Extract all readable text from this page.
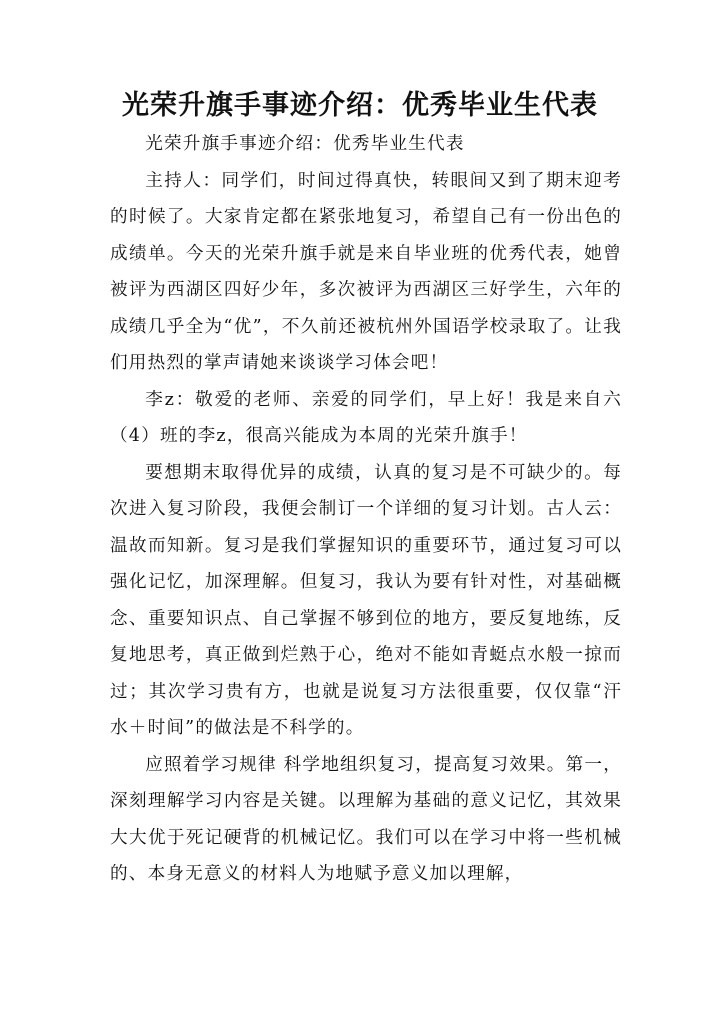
光荣升旗手事迹介绍：优秀毕业生代表

光荣升旗手事迹介绍：优秀毕业生代表

主持人：同学们，时间过得真快，转眼间又到了期末迎考的时候了。大家肯定都在紧张地复习，希望自己有一份出色的成绩单。今天的光荣升旗手就是来自毕业班的优秀代表，她曾被评为西湖区四好少年，多次被评为西湖区三好学生，六年的成绩几乎全为“优”，不久前还被杭州外国语学校录取了。让我们用热烈的掌声请她来谈谈学习体会吧！

李z：敬爱的老师、亲爱的同学们，早上好！我是来自六（4）班的李z，很高兴能成为本周的光荣升旗手！

要想期末取得优异的成绩，认真的复习是不可缺少的。每次进入复习阶段，我便会制订一个详细的复习计划。古人云：温故而知新。复习是我们掌握知识的重要环节，通过复习可以强化记忆，加深理解。但复习，我认为要有针对性，对基础概念、重要知识点、自己掌握不够到位的地方，要反复地练，反复地思考，真正做到烂熟于心，绝对不能如青蜓点水般一掠而过；其次学习贵有方，也就是说复习方法很重要，仅仅靠“汗水＋时间”的做法是不科学的。

应照着学习规律 科学地组织复习，提高复习效果。第一，深刻理解学习内容是关键。以理解为基础的意义记忆，其效果大大优于死记硬背的机械记忆。我们可以在学习中将一些机械的、本身无意义的材料人为地赋予意义加以理解，
